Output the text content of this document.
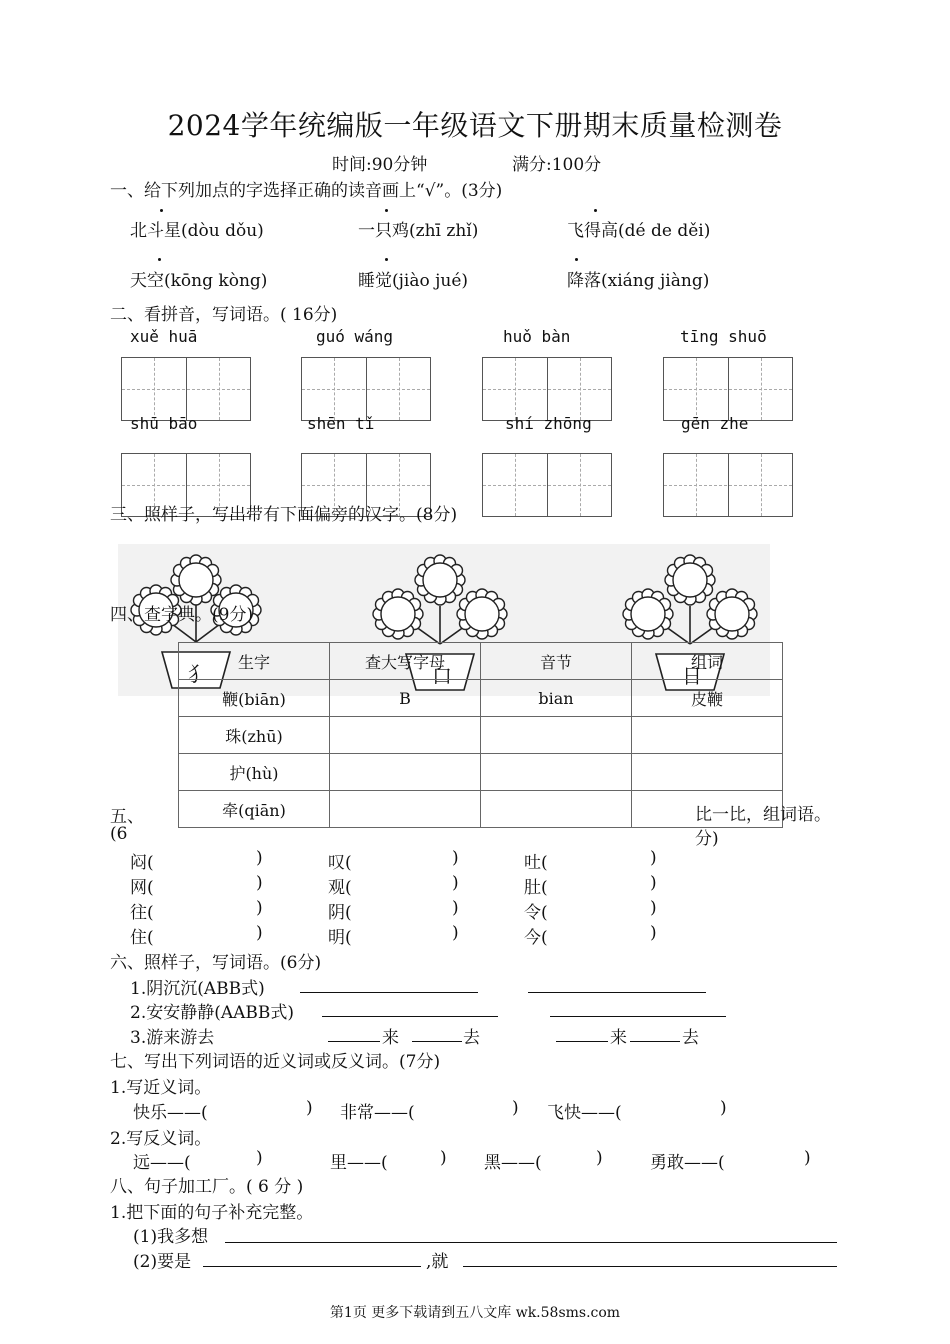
2024学年统编版一年级语文下册期末质量检测卷
时间:90分钟	满分:100分
一、给下列加点的字选择正确的读音画上“√”。(3分)
北斗星(dòu dǒu)	一只鸡(zhī zhǐ)	飞得高(dé de děi)
天空(kōng kòng)	睡觉(jiào jué)	降落(xiáng jiàng)
二、看拼音，写词语。( 16分)
xuě huā	guó wáng	huǒ bàn	tīng shuō
shū bāo	shēn tǐ	shí zhōng	gēn zhe
三、照样子，写出带有下面偏旁的汉字。(8分)
犭	口	日
四、查字典。(9分)
生字	查大写字母	音节	组词
鞭(biān)	B	bian	皮鞭
珠(zhū)			
护(hù)			
牵(qiān)			
五、
(6
比一比，组词语。
分)
闷(	)	叹(	)	吐(	)
网(	)	观(	)	肚(	)
往(	)	阴(	)	令(	)
住(	)	明(	)	今(	)
六、照样子，写词语。(6分)
1.阴沉沉(ABB式)
2.安安静静(AABB式)
3.游来游去	来	去	来	去
七、写出下列词语的近义词或反义词。(7分)
1.写近义词。
快乐——(	) 非常——(	) 飞快——(	)
2.写反义词。
远——(	)	里——(	) 黑——(	)	勇敢——(	)
八、句子加工厂。( 6 分 )
1.把下面的句子补充完整。
(1)我多想
(2)要是	,就
第1页 更多下载请到五八文库 wk.58sms.com
